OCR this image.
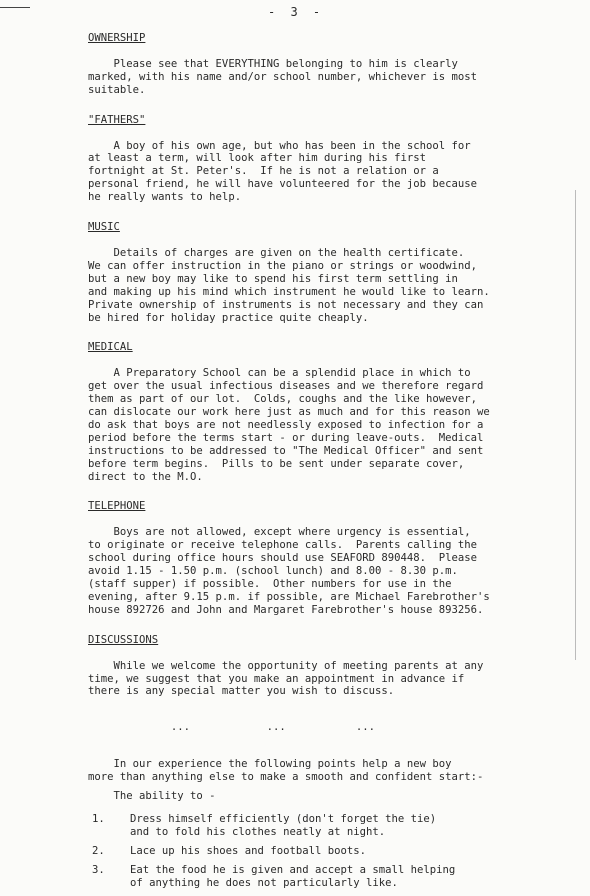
- 3 -

OWNERSHIP

Please see that EVERYTHING belonging to him is clearly
marked, with his name and/or school number, whichever is most
suitable.

"FATHERS"

A boy of his own age, but who has been in the school for
at least a term, will look after him during his first
fortnight at St. Peter's.  If he is not a relation or a
personal friend, he will have volunteered for the job because
he really wants to help.

MUSIC

Details of charges are given on the health certificate.
We can offer instruction in the piano or strings or woodwind,
but a new boy may like to spend his first term settling in
and making up his mind which instrument he would like to learn.
Private ownership of instruments is not necessary and they can
be hired for holiday practice quite cheaply.

MEDICAL

A Preparatory School can be a splendid place in which to
get over the usual infectious diseases and we therefore regard
them as part of our lot.  Colds, coughs and the like however,
can dislocate our work here just as much and for this reason we
do ask that boys are not needlessly exposed to infection for a
period before the terms start - or during leave-outs.  Medical
instructions to be addressed to "The Medical Officer" and sent
before term begins.  Pills to be sent under separate cover,
direct to the M.O.

TELEPHONE

Boys are not allowed, except where urgency is essential,
to originate or receive telephone calls.  Parents calling the
school during office hours should use SEAFORD 890448.  Please
avoid 1.15 - 1.50 p.m. (school lunch) and 8.00 - 8.30 p.m.
(staff supper) if possible.  Other numbers for use in the
evening, after 9.15 p.m. if possible, are Michael Farebrother's
house 892726 and John and Margaret Farebrother's house 893256.

DISCUSSIONS

While we welcome the opportunity of meeting parents at any
time, we suggest that you make an appointment in advance if
there is any special matter you wish to discuss.
...            ...           ...
In our experience the following points help a new boy
more than anything else to make a smooth and confident start:-
The ability to -
1.	Dress himself efficiently (don't forget the tie)
and to fold his clothes neatly at night.
2.	Lace up his shoes and football boots.
3.	Eat the food he is given and accept a small helping
of anything he does not particularly like.
